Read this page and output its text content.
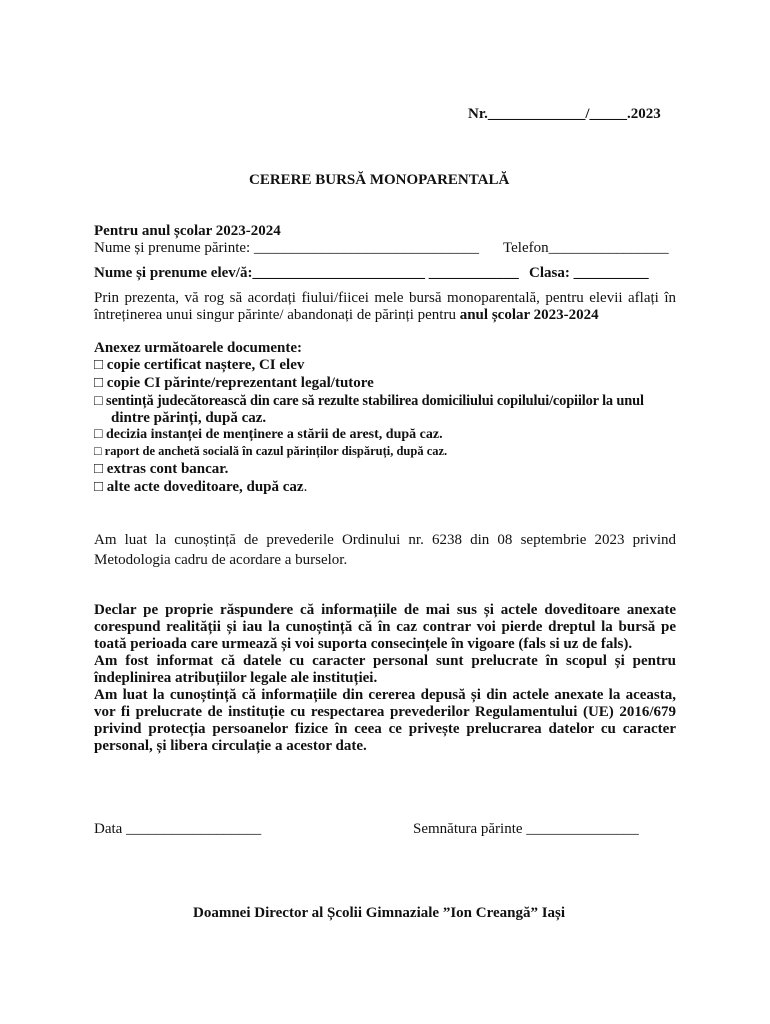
Nr._____________/_____.2023
CERERE BURSĂ MONOPARENTALĂ
Pentru anul școlar 2023-2024
Nume și prenume părinte: ______________________________ Telefon________________
Nume și prenume elev/ă:_______________________ ____________ Clasa: __________
Prin prezenta, vă rog să acordați fiului/fiicei mele bursă monoparentală, pentru elevii aflați în întreținerea unui singur părinte/ abandonați de părinți pentru anul școlar 2023-2024
Anexez următoarele documente:
□ copie certificat naștere, CI elev
□ copie CI părinte/reprezentant legal/tutore
□ sentință judecătorească din care să rezulte stabilirea domiciliului copilului/copiilor la unul
dintre părinți, după caz.
□ decizia instanței de menținere a stării de arest, după caz.
□ raport de anchetă socială în cazul părinților dispăruți, după caz.
□ extras cont bancar.
□ alte acte doveditoare, după caz.
Am luat la cunoștință de prevederile Ordinului nr. 6238 din 08 septembrie 2023 privind Metodologia cadru de acordare a burselor.
Declar pe proprie răspundere că informațiile de mai sus și actele doveditoare anexate corespund realității și iau la cunoștință că în caz contrar voi pierde dreptul la bursă pe toată perioada care urmează și voi suporta consecințele în vigoare (fals si uz de fals).
Am fost informat că datele cu caracter personal sunt prelucrate în scopul și pentru îndeplinirea atribuțiilor legale ale instituției.
Am luat la cunoștință că informațiile din cererea depusă și din actele anexate la aceasta, vor fi prelucrate de instituție cu respectarea prevederilor Regulamentului (UE) 2016/679 privind protecția persoanelor fizice în ceea ce privește prelucrarea datelor cu caracter personal, și libera circulație a acestor date.
Data __________________	Semnătura părinte _______________
Doamnei Director al Școlii Gimnaziale ”Ion Creangă” Iași
